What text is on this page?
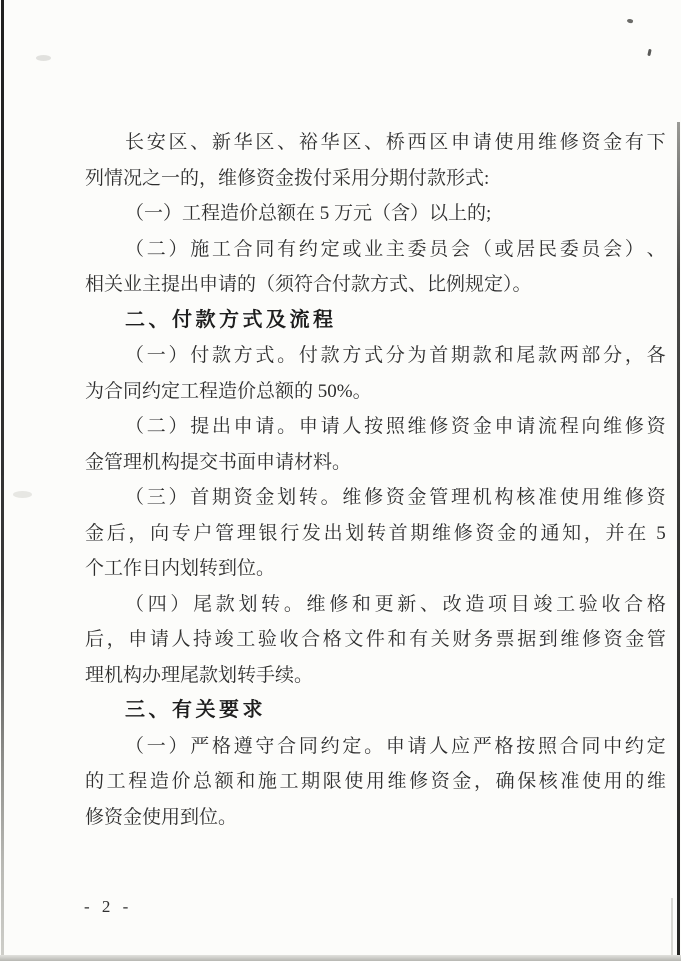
长 安 区 、 新 华 区 、 裕 华 区 、 桥 西 区 申 请 使 用 维 修 资 金 有 下
列情况之一的，维修资金拨付采用分期付款形式:
（一）工程造价总额在 5 万元（含）以上的;
（ 二 ） 施 工 合 同 有 约 定 或 业 主 委 员 会 （ 或 居 民 委 员 会 ） 、
相关业主提出申请的（须符合付款方式、比例规定）。
二、付款方式及流程
（ 一 ） 付 款 方 式 。 付 款 方 式 分 为 首 期 款 和 尾 款 两 部 分 ， 各
为合同约定工程造价总额的 50%。
（ 二 ） 提 出 申 请 。 申 请 人 按 照 维 修 资 金 申 请 流 程 向 维 修 资
金管理机构提交书面申请材料。
（ 三 ） 首 期 资 金 划 转 。 维 修 资 金 管 理 机 构 核 准 使 用 维 修 资
金 后 ， 向 专 户 管 理 银 行 发 出 划 转 首 期 维 修 资 金 的 通 知 ， 并 在
5
个工作日内划转到位。
（ 四 ） 尾 款 划 转 。 维 修 和 更 新 、 改 造 项 目 竣 工 验 收 合 格
后 ， 申 请 人 持 竣 工 验 收 合 格 文 件 和 有 关 财 务 票 据 到 维 修 资 金 管
理机构办理尾款划转手续。
三、有关要求
（ 一 ） 严 格 遵 守 合 同 约 定 。 申 请 人 应 严 格 按 照 合 同 中 约 定
的 工 程 造 价 总 额 和 施 工 期 限 使 用 维 修 资 金 ， 确 保 核 准 使 用 的 维
修资金使用到位。
- 2 -
